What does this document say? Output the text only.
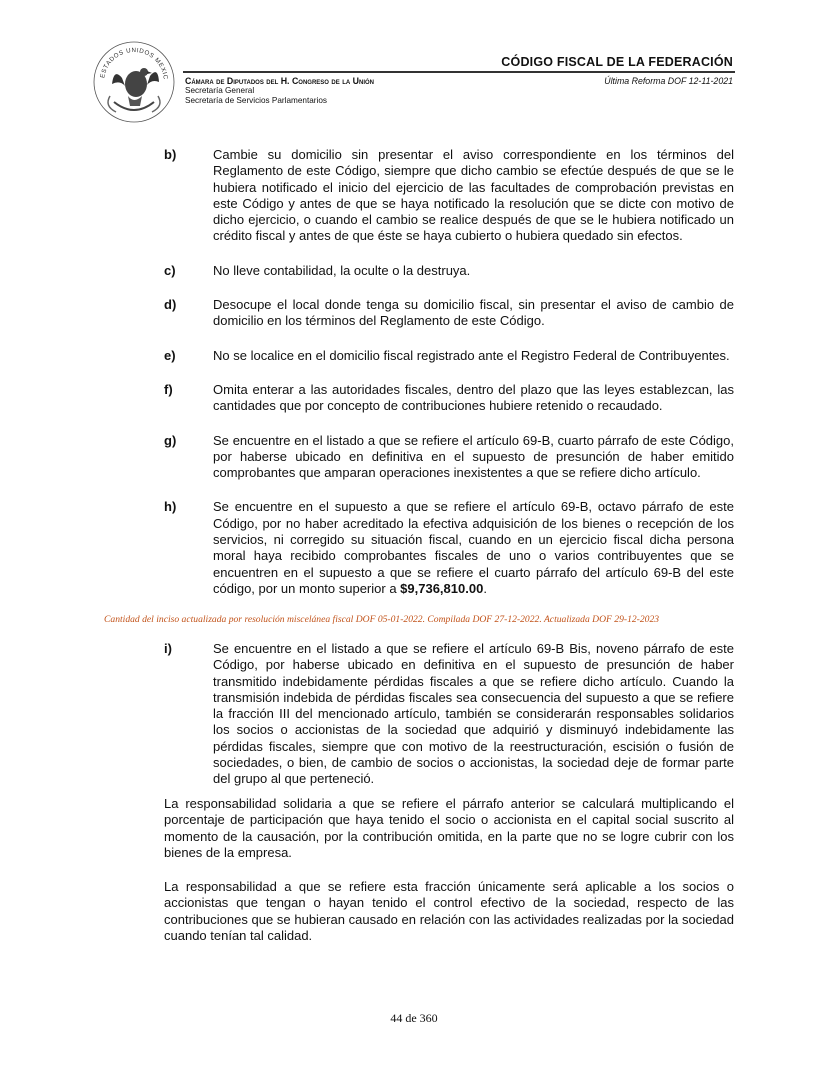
ESTADOS UNIDOS MEXIC
CÓDIGO FISCAL DE LA FEDERACIÓN
Cámara de Diputados del H. Congreso de la Unión
Secretaría General
Secretaría de Servicios Parlamentarios
Última Reforma DOF 12-11-2021
b)	Cambie su domicilio sin presentar el aviso correspondiente en los términos del Reglamento de este Código, siempre que dicho cambio se efectúe después de que se le hubiera notificado el inicio del ejercicio de las facultades de comprobación previstas en este Código y antes de que se haya notificado la resolución que se dicte con motivo de dicho ejercicio, o cuando el cambio se realice después de que se le hubiera notificado un crédito fiscal y antes de que éste se haya cubierto o hubiera quedado sin efectos.
c)	No lleve contabilidad, la oculte o la destruya.
d)	Desocupe el local donde tenga su domicilio fiscal, sin presentar el aviso de cambio de domicilio en los términos del Reglamento de este Código.
e)	No se localice en el domicilio fiscal registrado ante el Registro Federal de Contribuyentes.
f)	Omita enterar a las autoridades fiscales, dentro del plazo que las leyes establezcan, las cantidades que por concepto de contribuciones hubiere retenido o recaudado.
g)	Se encuentre en el listado a que se refiere el artículo 69-B, cuarto párrafo de este Código, por haberse ubicado en definitiva en el supuesto de presunción de haber emitido comprobantes que amparan operaciones inexistentes a que se refiere dicho artículo.
h)	Se encuentre en el supuesto a que se refiere el artículo 69-B, octavo párrafo de este Código, por no haber acreditado la efectiva adquisición de los bienes o recepción de los servicios, ni corregido su situación fiscal, cuando en un ejercicio fiscal dicha persona moral haya recibido comprobantes fiscales de uno o varios contribuyentes que se encuentren en el supuesto a que se refiere el cuarto párrafo del artículo 69-B del este código, por un monto superior a $9,736,810.00.
Cantidad del inciso actualizada por resolución miscelánea fiscal DOF 05-01-2022. Compilada DOF 27-12-2022. Actualizada DOF 29-12-2023
i)	Se encuentre en el listado a que se refiere el artículo 69-B Bis, noveno párrafo de este Código, por haberse ubicado en definitiva en el supuesto de presunción de haber transmitido indebidamente pérdidas fiscales a que se refiere dicho artículo. Cuando la transmisión indebida de pérdidas fiscales sea consecuencia del supuesto a que se refiere la fracción III del mencionado artículo, también se considerarán responsables solidarios los socios o accionistas de la sociedad que adquirió y disminuyó indebidamente las pérdidas fiscales, siempre que con motivo de la reestructuración, escisión o fusión de sociedades, o bien, de cambio de socios o accionistas, la sociedad deje de formar parte del grupo al que perteneció.

La responsabilidad solidaria a que se refiere el párrafo anterior se calculará multiplicando el porcentaje de participación que haya tenido el socio o accionista en el capital social suscrito al momento de la causación, por la contribución omitida, en la parte que no se logre cubrir con los bienes de la empresa.

La responsabilidad a que se refiere esta fracción únicamente será aplicable a los socios o accionistas que tengan o hayan tenido el control efectivo de la sociedad, respecto de las contribuciones que se hubieran causado en relación con las actividades realizadas por la sociedad cuando tenían tal calidad.

44 de 360
